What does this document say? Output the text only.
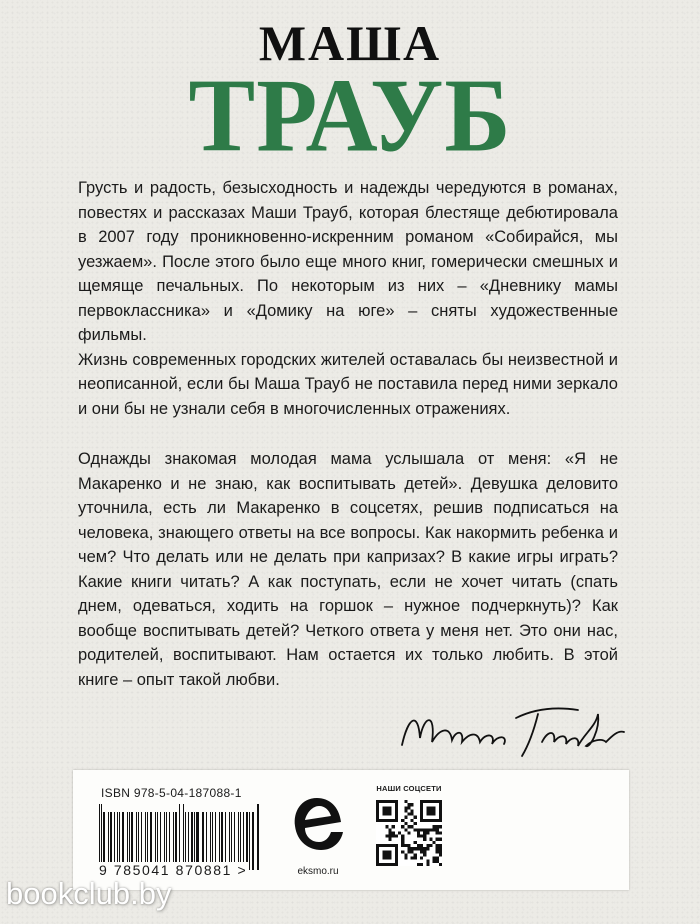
МАША
ТРАУБ

Грусть и радость, безысходность и надежды чередуются в романах, повестях и рассказах Маши Трауб, которая блестяще дебютировала в 2007 году проникновенно-искренним романом «Собирайся, мы уезжаем». После этого было еще много книг, гомерически смешных и щемяще печальных. По некоторым из них – «Дневнику мамы первоклассника» и «Домику на юге» – сняты художественные фильмы.

Жизнь современных городских жителей оставалась бы неизвестной и неописанной, если бы Маша Трауб не поставила перед ними зеркало и они бы не узнали себя в многочисленных отражениях.

Однажды знакомая молодая мама услышала от меня: «Я не Макаренко и не знаю, как воспитывать детей». Девушка деловито уточнила, есть ли Макаренко в соцсетях, решив подписаться на человека, знающего ответы на все вопросы. Как накормить ребенка и чем? Что делать или не делать при капризах? В какие игры играть? Какие книги читать? А как поступать, если не хочет читать (спать днем, одеваться, ходить на горшок – нужное подчеркнуть)? Как вообще воспитывать детей? Четкого ответа у меня нет. Это они нас, родителей, воспитывают. Нам остается их только любить. В этой книге – опыт такой любви.

ISBN 978-5-04-187088-1
9 785041 870881 >	eksmo.ru
НАШИ СОЦСЕТИ
bookclub.by
